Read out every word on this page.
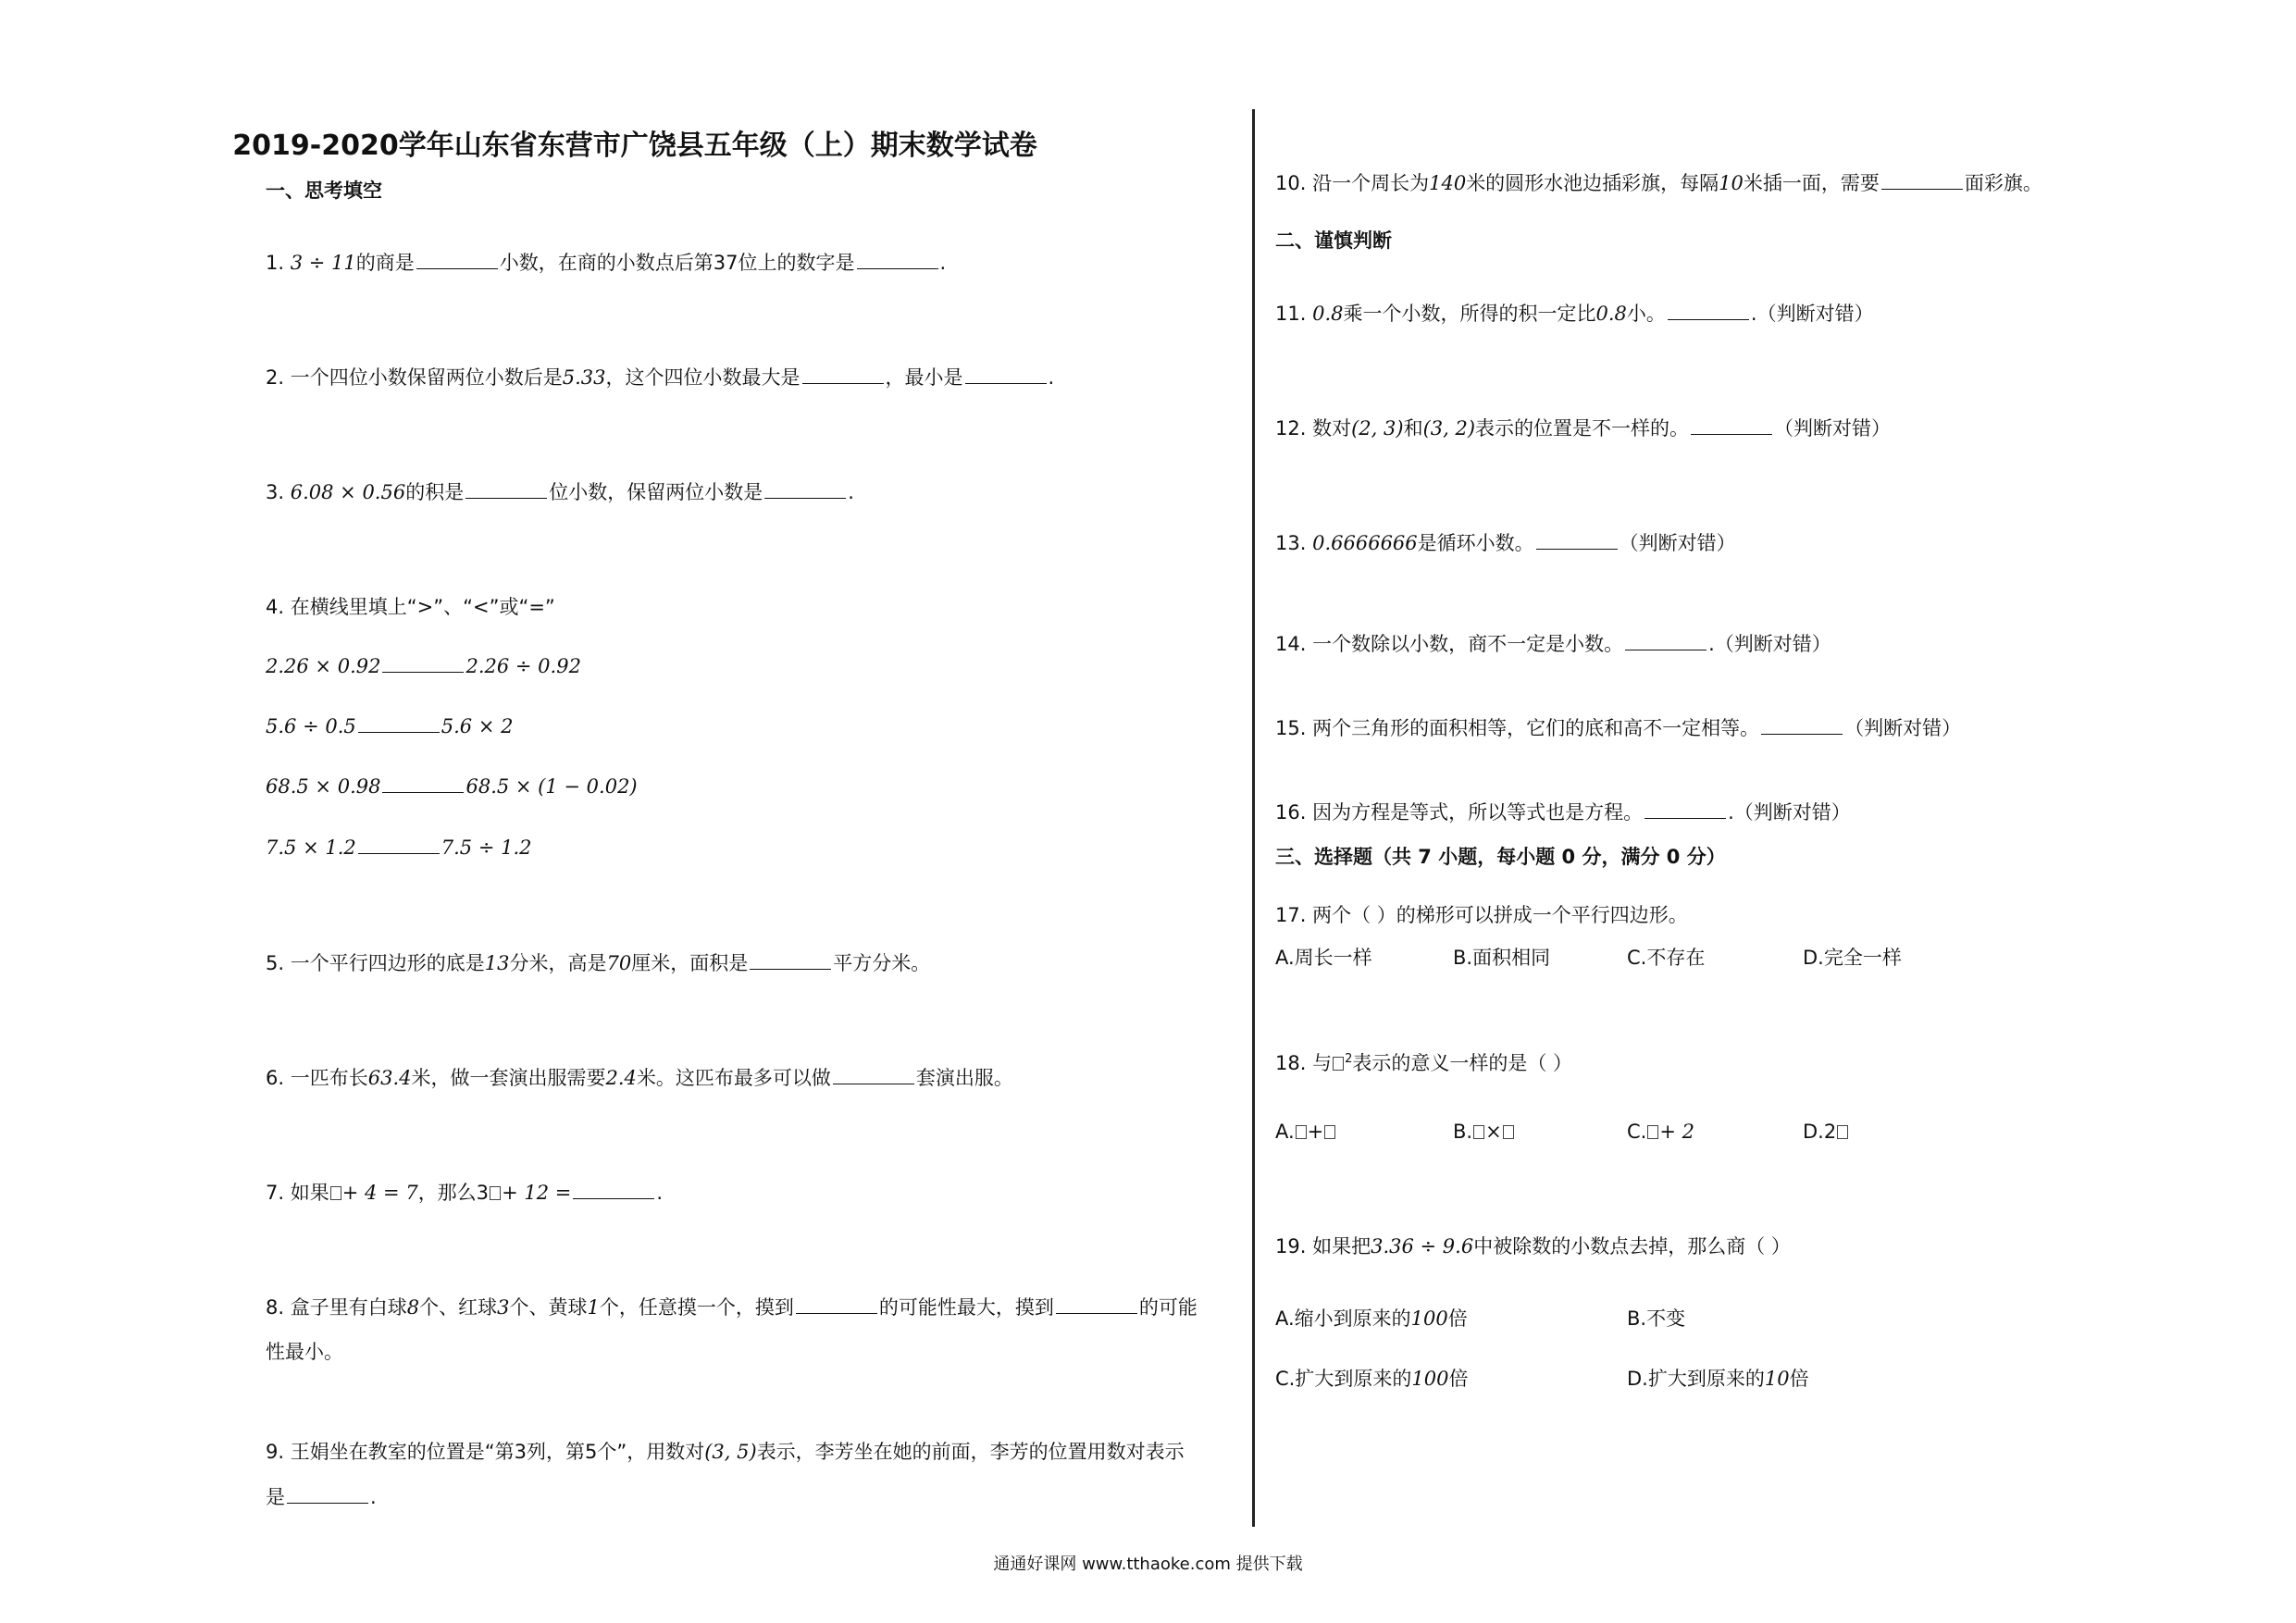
2019-2020学年山东省东营市广饶县五年级（上）期末数学试卷
一、思考填空
1. 3 ÷ 11的商是	小数，在商的小数点后第37位上的数字是	.
2. 一个四位小数保留两位小数后是5.33，这个四位小数最大是	，最小是	.
3. 6.08 × 0.56的积是	位小数，保留两位小数是	.
4. 在横线里填上“>”、“<”或“=”
2.26 × 0.92	2.26 ÷ 0.92
5.6 ÷ 0.5	5.6 × 2
68.5 × 0.98	68.5 × (1 − 0.02)
7.5 × 1.2	7.5 ÷ 1.2
5. 一个平行四边形的底是13分米，高是70厘米，面积是	平方分米。
6. 一匹布长63.4米，做一套演出服需要2.4米。这匹布最多可以做	套演出服。
7. 如果 + 4 = 7，那么3 + 12 =	.
8. 盒子里有白球8个、红球3个、黄球1个，任意摸一个，摸到	的可能性最大，摸到	的可能
性最小。
9. 王娟坐在教室的位置是“第3列，第5个”，用数对(3, 5)表示，李芳坐在她的前面，李芳的位置用数对表示
是	.
10. 沿一个周长为140米的圆形水池边插彩旗，每隔10米插一面，需要	面彩旗。
二、谨慎判断
11. 0.8乘一个小数，所得的积一定比0.8小。	.（判断对错）
12. 数对(2, 3)和(3, 2)表示的位置是不一样的。	（判断对错）
13. 0.6666666是循环小数。	（判断对错）
14. 一个数除以小数，商不一定是小数。	.（判断对错）
15. 两个三角形的面积相等，它们的底和高不一定相等。	（判断对错）
16. 因为方程是等式，所以等式也是方程。	.（判断对错）
三、选择题（共 7 小题，每小题 0 分，满分 0 分）
17. 两个（ ）的梯形可以拼成一个平行四边形。
A.周长一样	B.面积相同	C.不存在	D.完全一样
18. 与 $^2$表示的意义一样的是（ ）
A. +	B. ×	C. + 2	D.2
19. 如果把3.36 ÷ 9.6中被除数的小数点去掉，那么商（ ）
A.缩小到原来的100倍	B.不变
C.扩大到原来的100倍	D.扩大到原来的10倍
通通好课网 www.tthaoke.com 提供下载
